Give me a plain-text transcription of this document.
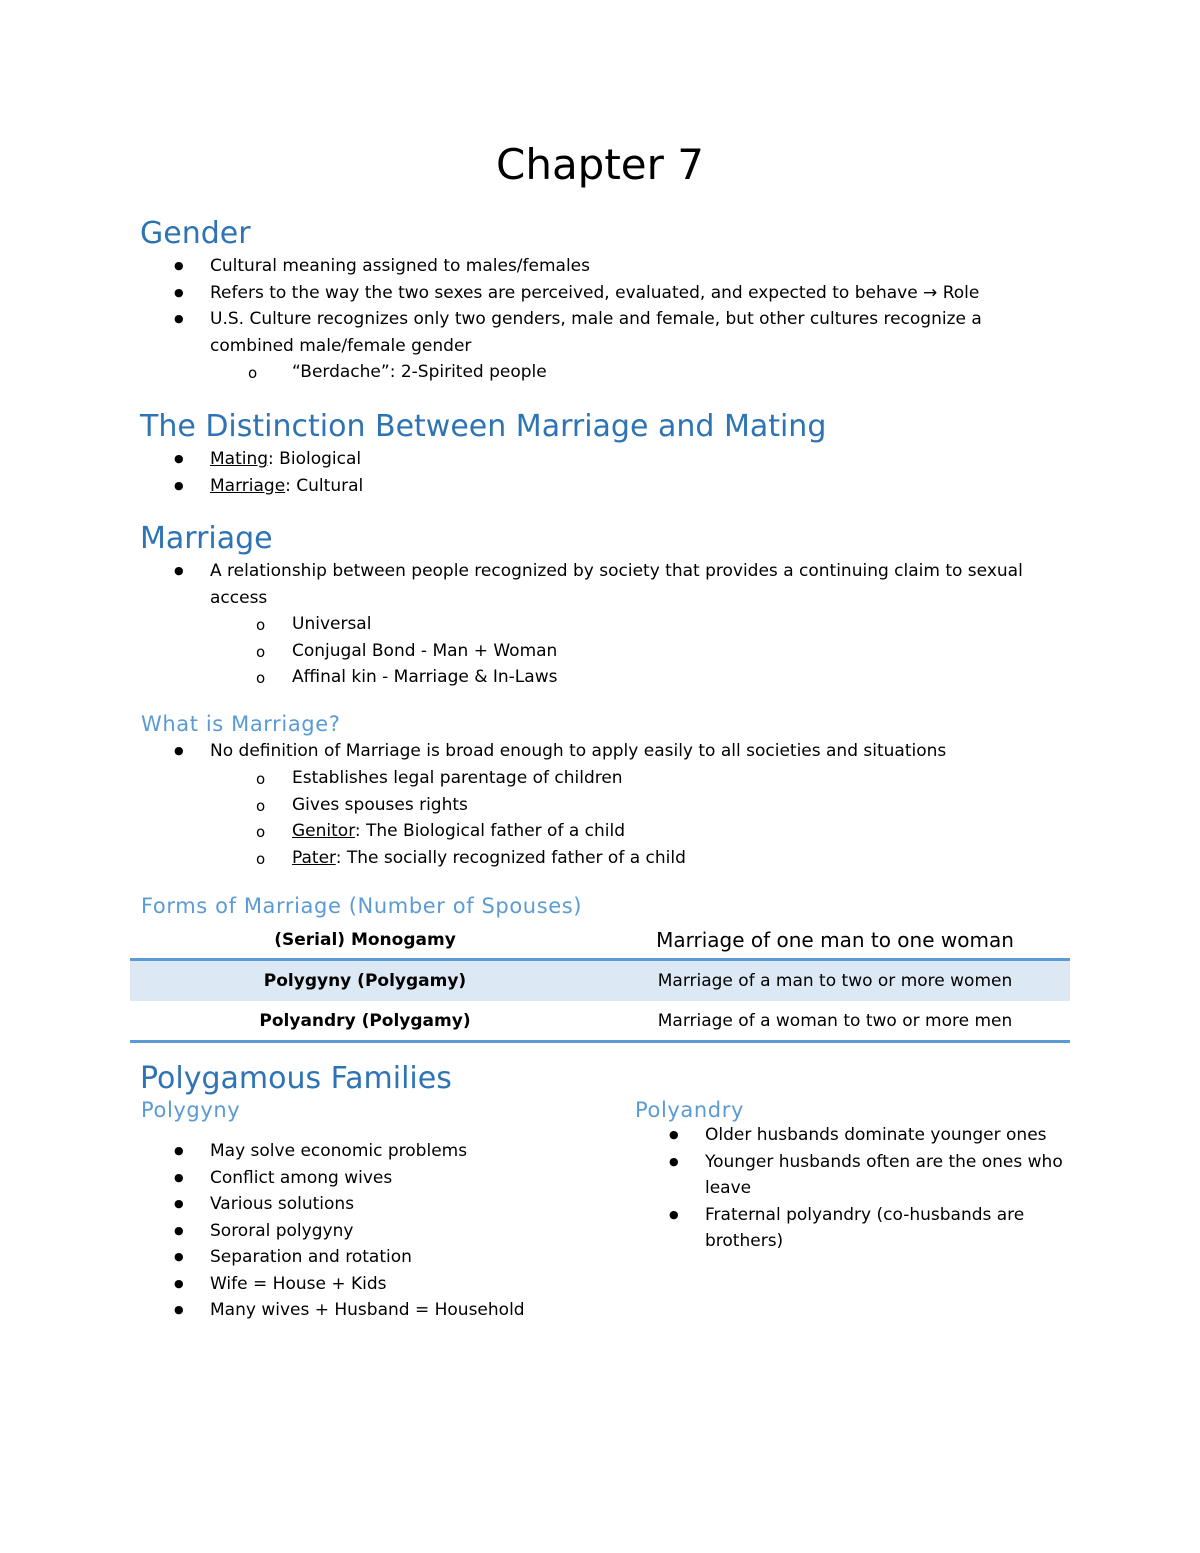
Chapter 7
Gender
● Cultural meaning assigned to males/females
● Refers to the way the two sexes are perceived, evaluated, and expected to behave → Role
● U.S. Culture recognizes only two genders, male and female, but other cultures recognize a combined male/female gender
o “Berdache”: 2-Spirited people
The Distinction Between Marriage and Mating
● Mating: Biological
● Marriage: Cultural
Marriage
● A relationship between people recognized by society that provides a continuing claim to sexual access
o Universal
o Conjugal Bond - Man + Woman
o Affinal kin - Marriage & In-Laws
What is Marriage?
● No definition of Marriage is broad enough to apply easily to all societies and situations
o Establishes legal parentage of children
o Gives spouses rights
o Genitor: The Biological father of a child
o Pater: The socially recognized father of a child
Forms of Marriage (Number of Spouses)
(Serial) Monogamy	Marriage of one man to one woman
Polygyny (Polygamy)	Marriage of a man to two or more women
Polyandry (Polygamy)	Marriage of a woman to two or more men
Polygamous Families
Polygyny
● May solve economic problems
● Conflict among wives
● Various solutions
● Sororal polygyny
● Separation and rotation
● Wife = House + Kids
● Many wives + Husband = Household
Polyandry
● Older husbands dominate younger ones
● Younger husbands often are the ones who leave
● Fraternal polyandry (co-husbands are brothers)
